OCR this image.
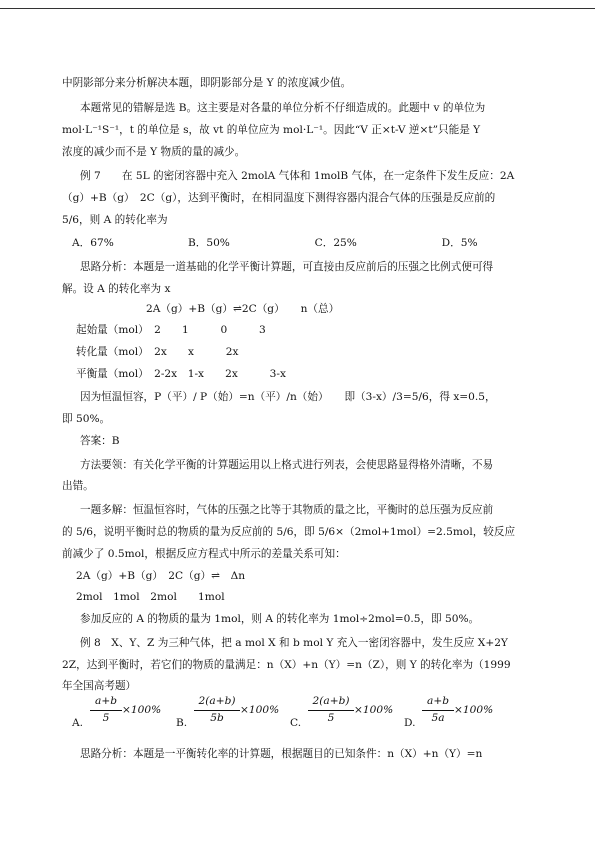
中阴影部分来分析解决本题，即阴影部分是 Y 的浓度减少值。
本题常见的错解是选 B。这主要是对各量的单位分析不仔细造成的。此题中 v 的单位为
mol·L⁻¹S⁻¹，t 的单位是 s，故 vt 的单位应为 mol·L⁻¹。因此“V 正×t-V 逆×t”只能是 Y
浓度的减少而不是 Y 物质的量的减少。
例 7　　在 5L 的密闭容器中充入 2molA 气体和 1molB 气体，在一定条件下发生反应：2A
（g）+B（g）　2C（g），达到平衡时，在相同温度下测得容器内混合气体的压强是反应前的
5/6，则 A 的转化率为
A．67%　　　　　　　B．50%　　　　　　　　C．25%　　　　　　　　D．5%
思路分析：本题是一道基础的化学平衡计算题，可直接由反应前后的压强之比例式便可得
解。设 A 的转化率为 x
2A（g）+B（g）⇌2C（g）　　n（总）
起始量（mol）　2　　1　　　0　　　3
转化量（mol）　2x　　x　　　2x
平衡量（mol）　2-2x　1-x　　2x　　　3-x
因为恒温恒容，P（平）/ P（始）=n（平）/n（始）　　即（3-x）/3=5/6，得 x=0.5，
即 50%。
答案：B
方法要领：有关化学平衡的计算题运用以上格式进行列表，会使思路显得格外清晰，不易
出错。
一题多解：恒温恒容时，气体的压强之比等于其物质的量之比，平衡时的总压强为反应前
的 5/6，说明平衡时总的物质的量为反应前的 5/6，即 5/6×（2mol+1mol）=2.5mol，较反应
前减少了 0.5mol，根据反应方程式中所示的差量关系可知：
2A（g）+B（g）　2C（g）⇌　Δn
2mol　1mol　2mol　　1mol
参加反应的 A 的物质的量为 1mol，则 A 的转化率为 1mol÷2mol=0.5，即 50%。
例 8　X、Y、Z 为三种气体，把 a mol X 和 b mol Y 充入一密闭容器中，发生反应 X+2Y
2Z，达到平衡时，若它们的物质的量满足：n（X）+n（Y）=n（Z），则 Y 的转化率为（1999
年全国高考题）
思路分析：本题是一平衡转化率的计算题，根据题目的已知条件：n（X）+n（Y）=n
A.
a+b
5
×100%
B.
2(a+b)
5b
×100%
C.
2(a+b)
5
×100%
D.
a+b
5a
×100%
